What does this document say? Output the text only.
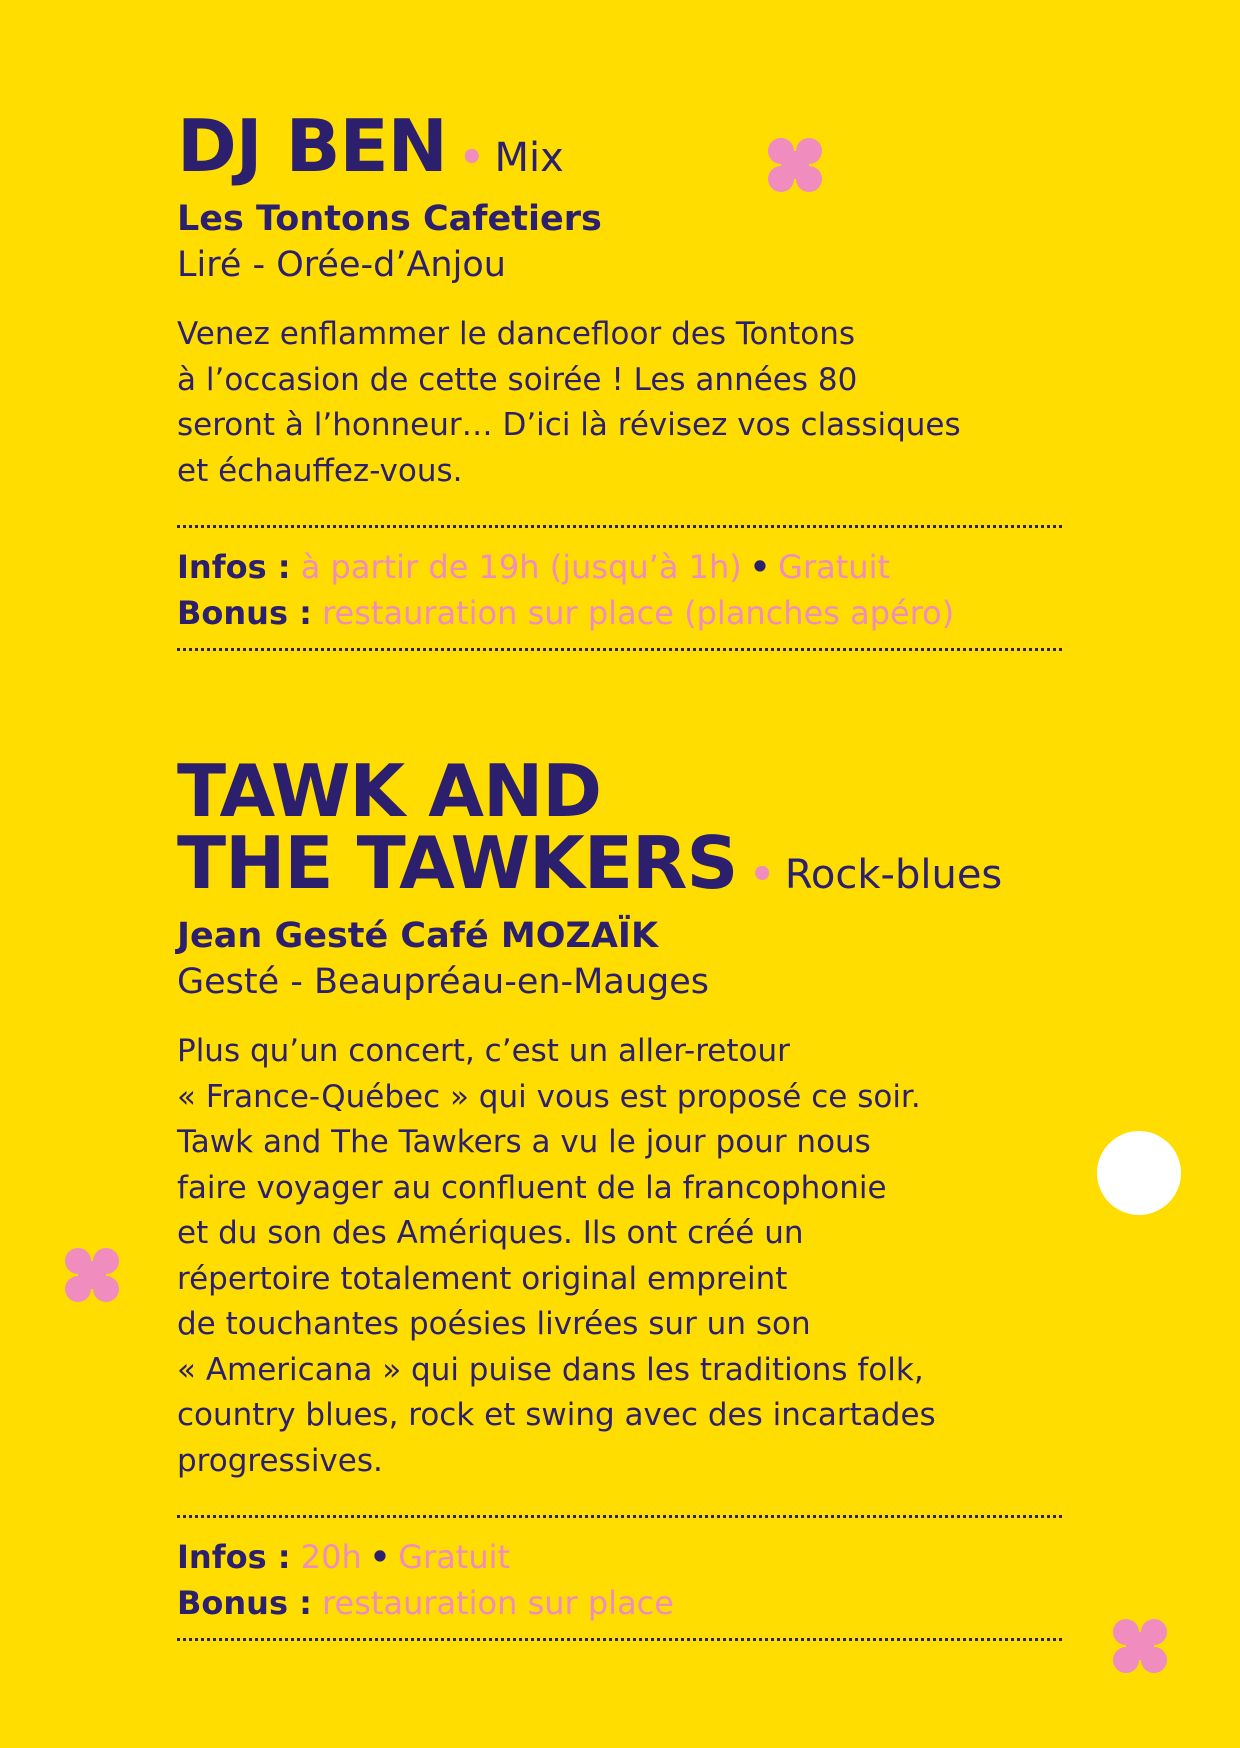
DJ BEN • Mix
Les Tontons Cafetiers
Liré - Orée-d’Anjou

Venez enflammer le dancefloor des Tontons
à l’occasion de cette soirée ! Les années 80
seront à l’honneur… D’ici là révisez vos classiques
et échauffez-vous.

Infos : à partir de 19h (jusqu’à 1h) • Gratuit
Bonus : restauration sur place (planches apéro)
TAWK AND
THE TAWKERS • Rock-blues
Jean Gesté Café MOZAÏK
Gesté - Beaupréau-en-Mauges

Plus qu’un concert, c’est un aller-retour
« France-Québec » qui vous est proposé ce soir.
Tawk and The Tawkers a vu le jour pour nous
faire voyager au confluent de la francophonie
et du son des Amériques. Ils ont créé un
répertoire totalement original empreint
de touchantes poésies livrées sur un son
« Americana » qui puise dans les traditions folk,
country blues, rock et swing avec des incartades
progressives.

Infos : 20h • Gratuit
Bonus : restauration sur place
